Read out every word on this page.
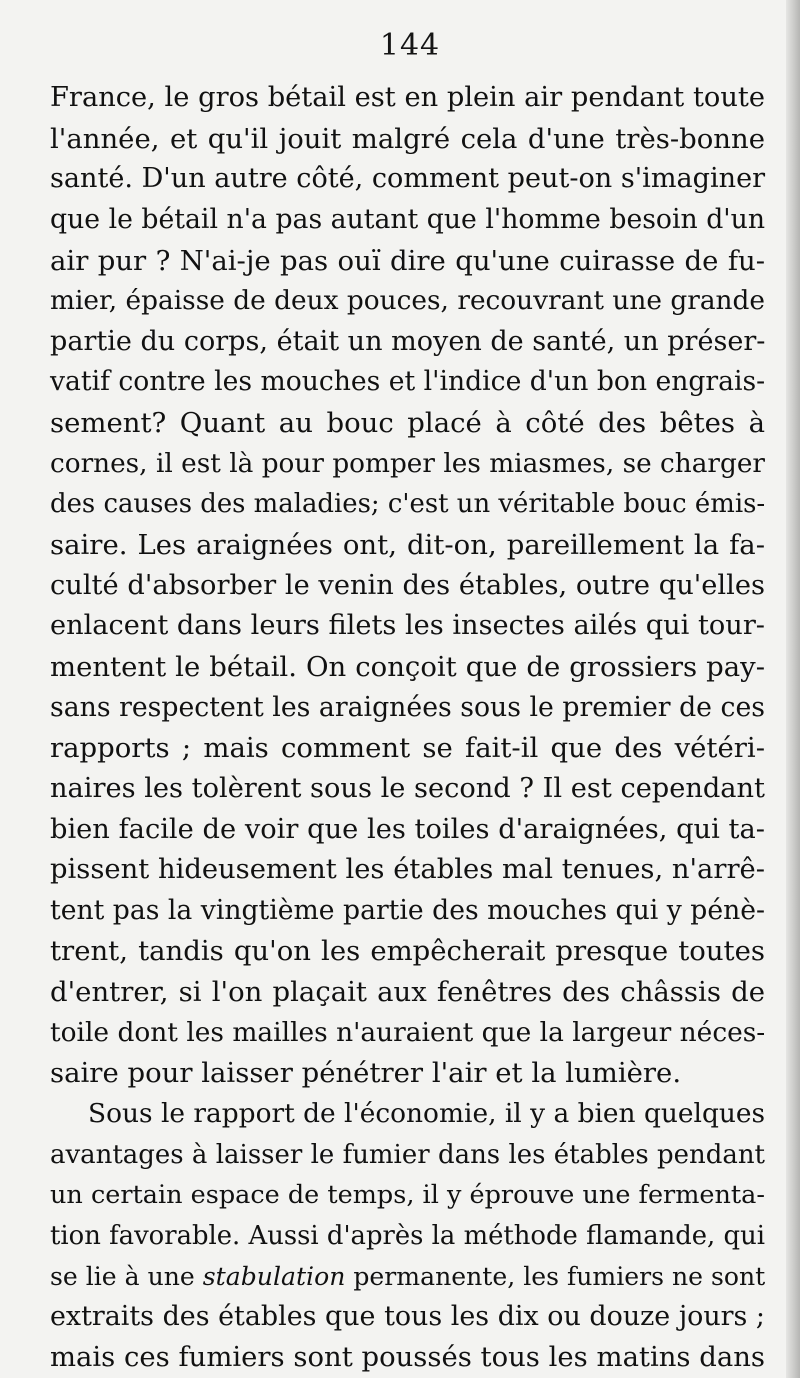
144
France, le gros bétail est en plein air pendant toute
l'année, et qu'il jouit malgré cela d'une très-bonne
santé. D'un autre côté, comment peut-on s'imaginer
que le bétail n'a pas autant que l'homme besoin d'un
air pur ? N'ai-je pas ouï dire qu'une cuirasse de fu-
mier, épaisse de deux pouces, recouvrant une grande
partie du corps, était un moyen de santé, un préser-
vatif contre les mouches et l'indice d'un bon engrais-
sement? Quant au bouc placé à côté des bêtes à
cornes, il est là pour pomper les miasmes, se charger
des causes des maladies; c'est un véritable bouc émis-
saire. Les araignées ont, dit-on, pareillement la fa-
culté d'absorber le venin des étables, outre qu'elles
enlacent dans leurs filets les insectes ailés qui tour-
mentent le bétail. On conçoit que de grossiers pay-
sans respectent les araignées sous le premier de ces
rapports ; mais comment se fait-il que des vétéri-
naires les tolèrent sous le second ? Il est cependant
bien facile de voir que les toiles d'araignées, qui ta-
pissent hideusement les étables mal tenues, n'arrê-
tent pas la vingtième partie des mouches qui y pénè-
trent, tandis qu'on les empêcherait presque toutes
d'entrer, si l'on plaçait aux fenêtres des châssis de
toile dont les mailles n'auraient que la largeur néces-
saire pour laisser pénétrer l'air et la lumière.
Sous le rapport de l'économie, il y a bien quelques
avantages à laisser le fumier dans les étables pendant
un certain espace de temps, il y éprouve une fermenta-
tion favorable. Aussi d'après la méthode flamande, qui
se lie à une stabulation permanente, les fumiers ne sont
extraits des étables que tous les dix ou douze jours ;
mais ces fumiers sont poussés tous les matins dans
